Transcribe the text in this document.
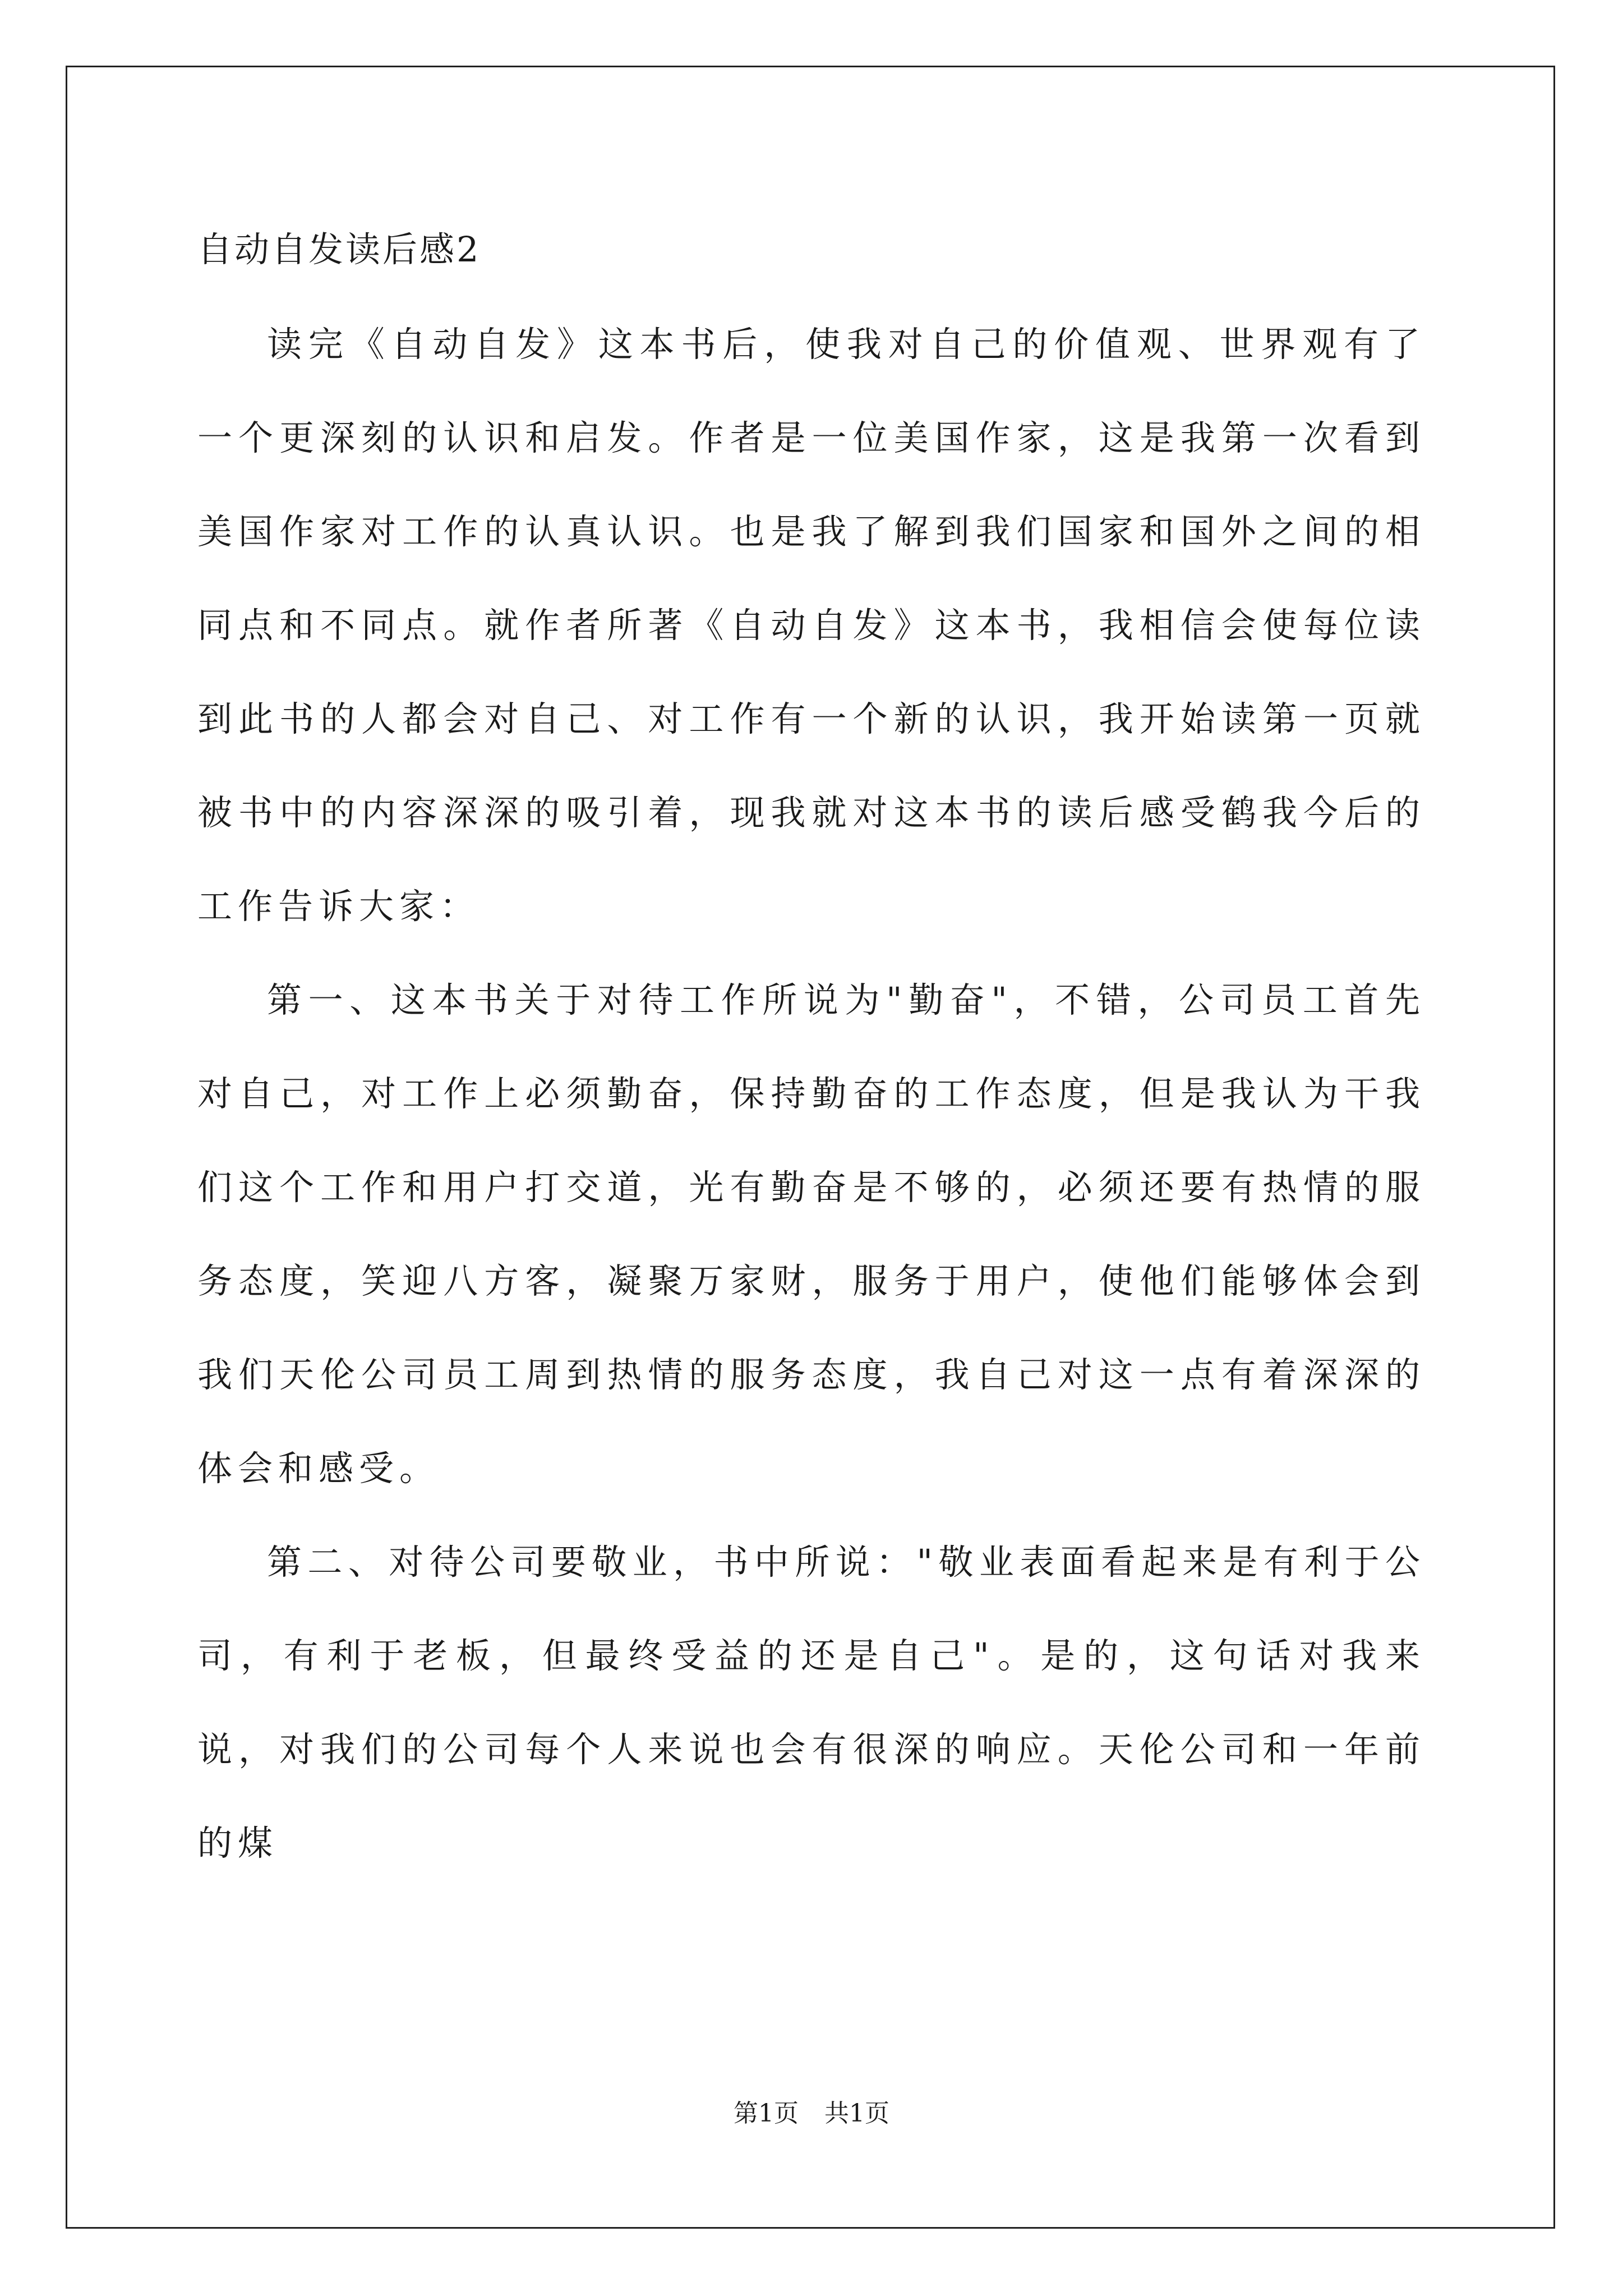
自动自发读后感2

读完《自动自发》这本书后，使我对自己的价值观、世界观有了一个更深刻的认识和启发。作者是一位美国作家，这是我第一次看到美国作家对工作的认真认识。也是我了解到我们国家和国外之间的相同点和不同点。就作者所著《自动自发》这本书，我相信会使每位读到此书的人都会对自己、对工作有一个新的认识，我开始读第一页就被书中的内容深深的吸引着，现我就对这本书的读后感受鹤我今后的工作告诉大家：

第一、这本书关于对待工作所说为"勤奋"，不错，公司员工首先对自己，对工作上必须勤奋，保持勤奋的工作态度，但是我认为干我们这个工作和用户打交道，光有勤奋是不够的，必须还要有热情的服务态度，笑迎八方客，凝聚万家财，服务于用户，使他们能够体会到我们天伦公司员工周到热情的服务态度，我自己对这一点有着深深的体会和感受。

第二、对待公司要敬业，书中所说："敬业表面看起来是有利于公司，有利于老板，但最终受益的还是自己"。是的，这句话对我来说，对我们的公司每个人来说也会有很深的响应。天伦公司和一年前的煤

第1页 共1页
